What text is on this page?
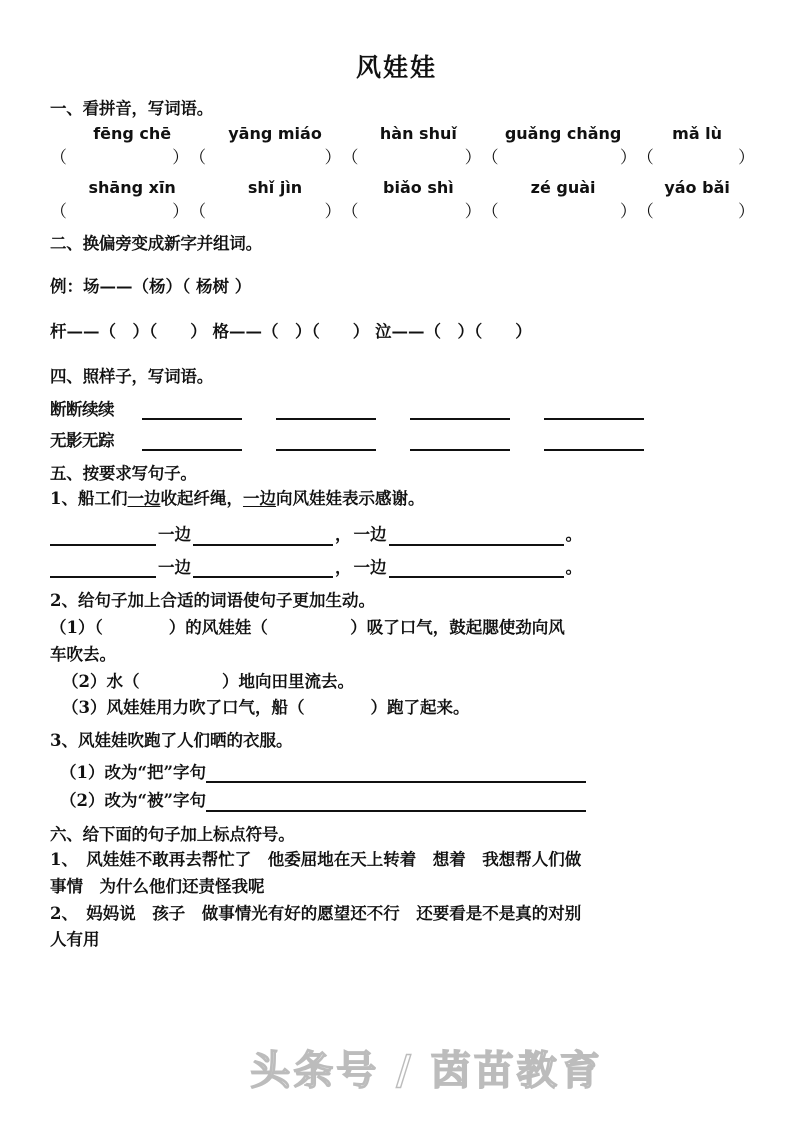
风娃娃

一、看拼音，写词语。

fēng chē	yāng miáo	hàn shuǐ	guǎng chǎng	mǎ lù
（	） （	） （	） （	） （	）
shāng xīn	shǐ jìn	biǎo shì	zé guài	yáo bǎi
（	） （	） （	） （	） （	）

二、换偏旁变成新字并组词。

例：场——（杨）（ 杨树 ）

杆——（　）（　　） 格——（　）（　　） 泣——（　）（　　）

四、照样子，写词语。

断断续续
无影无踪

五、按要求写句子。

1、船工们一边收起纤绳，一边向风娃娃表示感谢。

一边	， 一边	。
一边	， 一边	。

2、给句子加上合适的词语使句子更加生动。

（1）（　　　　）的风娃娃（　　　　　）吸了口气，鼓起腮使劲向风

车吹去。

（2）水（　　　　　）地向田里流去。

（3）风娃娃用力吹了口气，船（　　　　）跑了起来。

3、风娃娃吹跑了人们晒的衣服。

（1）改为“把”字句
（2）改为“被”字句

六、给下面的句子加上标点符号。

1、　风娃娃不敢再去帮忙了　他委屈地在天上转着　想着　我想帮人们做

事情　为什么他们还责怪我呢

2、　妈妈说　孩子　做事情光有好的愿望还不行　还要看是不是真的对别

人有用

头条号 / 茵苗教育
